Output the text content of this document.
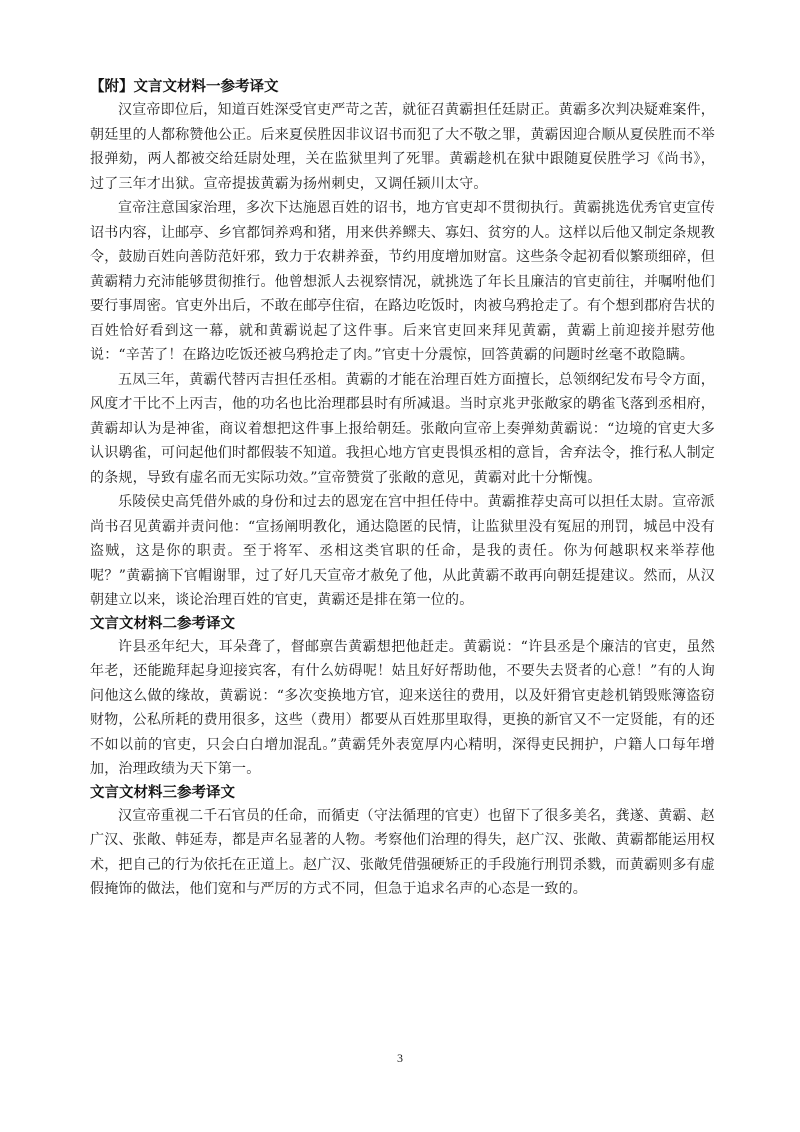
【附】文言文材料一参考译文

汉宣帝即位后，知道百姓深受官吏严苛之苦，就征召黄霸担任廷尉正。黄霸多次判决疑难案件，朝廷里的人都称赞他公正。后来夏侯胜因非议诏书而犯了大不敬之罪，黄霸因迎合顺从夏侯胜而不举报弹劾，两人都被交给廷尉处理，关在监狱里判了死罪。黄霸趁机在狱中跟随夏侯胜学习《尚书》，过了三年才出狱。宣帝提拔黄霸为扬州刺史，又调任颍川太守。

宣帝注意国家治理，多次下达施恩百姓的诏书，地方官吏却不贯彻执行。黄霸挑选优秀官吏宣传诏书内容，让邮亭、乡官都饲养鸡和猪，用来供养鳏夫、寡妇、贫穷的人。这样以后他又制定条规教令，鼓励百姓向善防范奸邪，致力于农耕养蚕，节约用度增加财富。这些条令起初看似繁琐细碎，但黄霸精力充沛能够贯彻推行。他曾想派人去视察情况，就挑选了年长且廉洁的官吏前往，并嘱咐他们要行事周密。官吏外出后，不敢在邮亭住宿，在路边吃饭时，肉被乌鸦抢走了。有个想到郡府告状的百姓恰好看到这一幕，就和黄霸说起了这件事。后来官吏回来拜见黄霸，黄霸上前迎接并慰劳他说：“辛苦了！在路边吃饭还被乌鸦抢走了肉。”官吏十分震惊，回答黄霸的问题时丝毫不敢隐瞒。

五凤三年，黄霸代替丙吉担任丞相。黄霸的才能在治理百姓方面擅长，总领纲纪发布号令方面，风度才干比不上丙吉，他的功名也比治理郡县时有所减退。当时京兆尹张敞家的鹖雀飞落到丞相府，黄霸却认为是神雀，商议着想把这件事上报给朝廷。张敞向宣帝上奏弹劾黄霸说：“边境的官吏大多认识鹖雀，可问起他们时都假装不知道。我担心地方官吏畏惧丞相的意旨，舍弃法令，推行私人制定的条规，导致有虚名而无实际功效。”宣帝赞赏了张敞的意见，黄霸对此十分惭愧。

乐陵侯史高凭借外戚的身份和过去的恩宠在宫中担任侍中。黄霸推荐史高可以担任太尉。宣帝派尚书召见黄霸并责问他：“宣扬阐明教化，通达隐匿的民情，让监狱里没有冤屈的刑罚，城邑中没有盗贼，这是你的职责。至于将军、丞相这类官职的任命，是我的责任。你为何越职权来举荐他呢？”黄霸摘下官帽谢罪，过了好几天宣帝才赦免了他，从此黄霸不敢再向朝廷提建议。然而，从汉朝建立以来，谈论治理百姓的官吏，黄霸还是排在第一位的。

文言文材料二参考译文

许县丞年纪大，耳朵聋了，督邮禀告黄霸想把他赶走。黄霸说：“许县丞是个廉洁的官吏，虽然年老，还能跪拜起身迎接宾客，有什么妨碍呢！姑且好好帮助他，不要失去贤者的心意！”有的人询问他这么做的缘故，黄霸说：“多次变换地方官，迎来送往的费用，以及奸猾官吏趁机销毁账簿盗窃财物，公私所耗的费用很多，这些（费用）都要从百姓那里取得，更换的新官又不一定贤能，有的还不如以前的官吏，只会白白增加混乱。”黄霸凭外表宽厚内心精明，深得吏民拥护，户籍人口每年增加，治理政绩为天下第一。

文言文材料三参考译文

汉宣帝重视二千石官员的任命，而循吏（守法循理的官吏）也留下了很多美名，龚遂、黄霸、赵广汉、张敞、韩延寿，都是声名显著的人物。考察他们治理的得失，赵广汉、张敞、黄霸都能运用权术，把自己的行为依托在正道上。赵广汉、张敞凭借强硬矫正的手段施行刑罚杀戮，而黄霸则多有虚假掩饰的做法，他们宽和与严厉的方式不同，但急于追求名声的心态是一致的。

3
